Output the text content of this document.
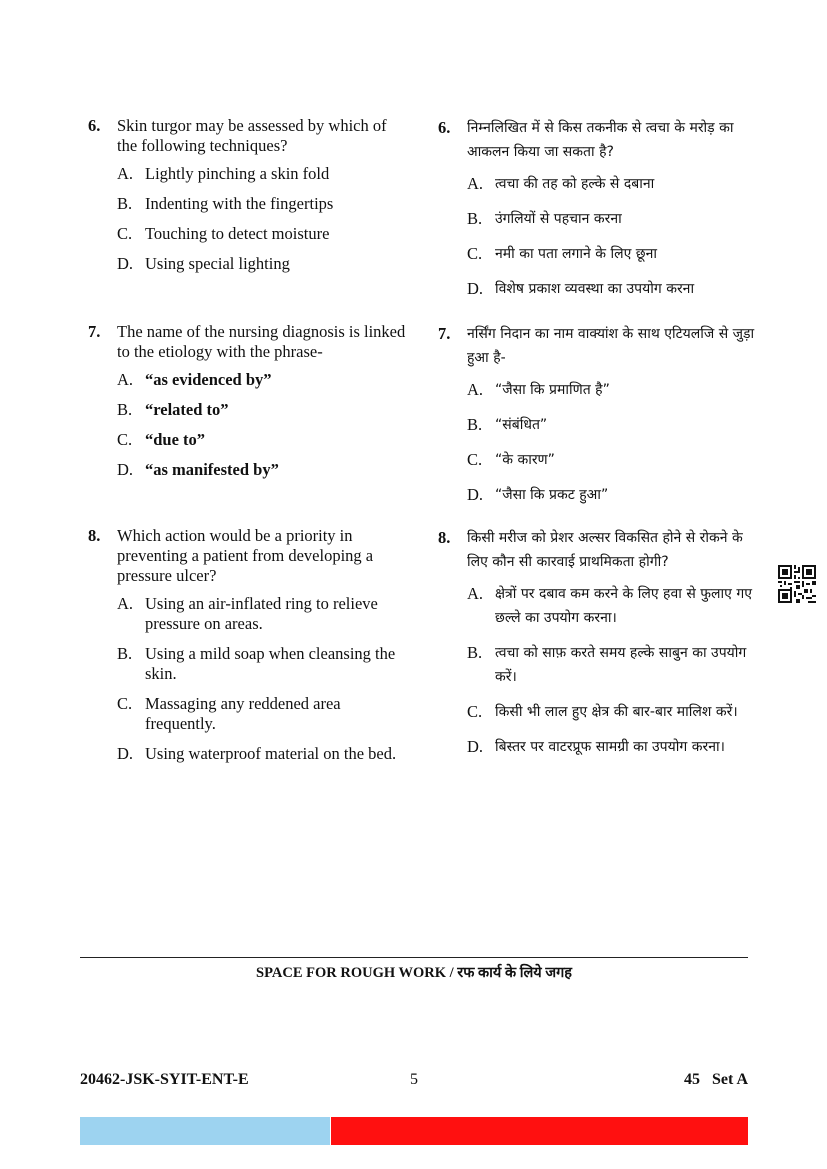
6.	Skin turgor may be assessed by which of the following techniques?
A. Lightly pinching a skin fold
B. Indenting with the fingertips
C. Touching to detect moisture
D. Using special lighting
7.	The name of the nursing diagnosis is linked to the etiology with the phrase-
A. “as evidenced by”
B. “related to”
C. “due to”
D. “as manifested by”
8.	Which action would be a priority in preventing a patient from developing a pressure ulcer?
A. Using an air-inflated ring to relieve pressure on areas.
B. Using a mild soap when cleansing the skin.
C. Massaging any reddened area frequently.
D. Using waterproof material on the bed.
6.	निम्नलिखित में से किस तकनीक से त्वचा के मरोड़ का आकलन किया जा सकता है?
A. त्वचा की तह को हल्के से दबाना
B. उंगलियों से पहचान करना
C. नमी का पता लगाने के लिए छूना
D. विशेष प्रकाश व्यवस्था का उपयोग करना
7.	नर्सिंग निदान का नाम वाक्यांश के साथ एटियलजि से जुड़ा हुआ है-
A. “जैसा कि प्रमाणित है”
B. “संबंधित”
C. “के कारण”
D. “जैसा कि प्रकट हुआ”
8.	किसी मरीज को प्रेशर अल्सर विकसित होने से रोकने के लिए कौन सी कारवाई प्राथमिकता होगी?
A. क्षेत्रों पर दबाव कम करने के लिए हवा से फुलाए गए छल्ले का उपयोग करना।
B. त्वचा को साफ़ करते समय हल्के साबुन का उपयोग करें।
C. किसी भी लाल हुए क्षेत्र की बार-बार मालिश करें।
D. बिस्तर पर वाटरप्रूफ सामग्री का उपयोग करना।
SPACE FOR ROUGH WORK / रफ कार्य के लिये जगह
20462-JSK-SYIT-ENT-E	5	45   Set A
